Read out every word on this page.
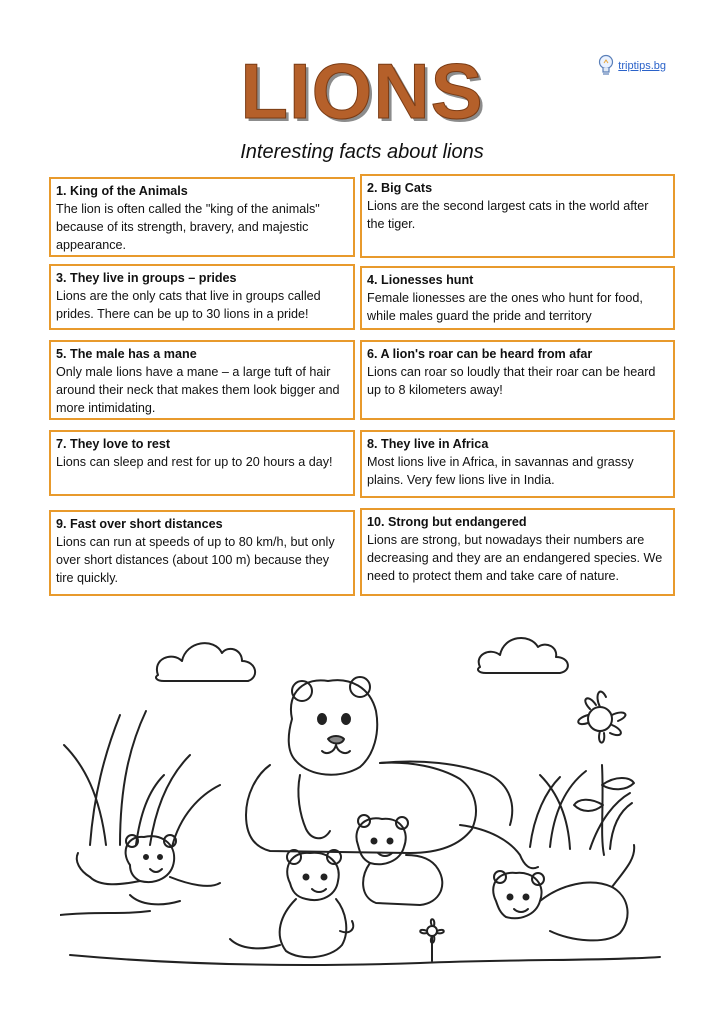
LIONS	triptips.bg
Interesting facts about lions
1. King of the Animals
The lion is often called the "king of the animals" because of its strength, bravery, and majestic appearance.
2. Big Cats
Lions are the second largest cats in the world after the tiger.
3. They live in groups – prides
Lions are the only cats that live in groups called prides. There can be up to 30 lions in a pride!
4. Lionesses hunt
Female lionesses are the ones who hunt for food, while males guard the pride and territory
5. The male has a mane
Only male lions have a mane – a large tuft of hair around their neck that makes them look bigger and more intimidating.
6. A lion's roar can be heard from afar
Lions can roar so loudly that their roar can be heard up to 8 kilometers away!
7. They love to rest
Lions can sleep and rest for up to 20 hours a day!
8. They live in Africa
Most lions live in Africa, in savannas and grassy plains. Very few lions live in India.
9. Fast over short distances
Lions can run at speeds of up to 80 km/h, but only over short distances (about 100 m) because they tire quickly.
10. Strong but endangered
Lions are strong, but nowadays their numbers are decreasing and they are an endangered species. We need to protect them and take care of nature.
